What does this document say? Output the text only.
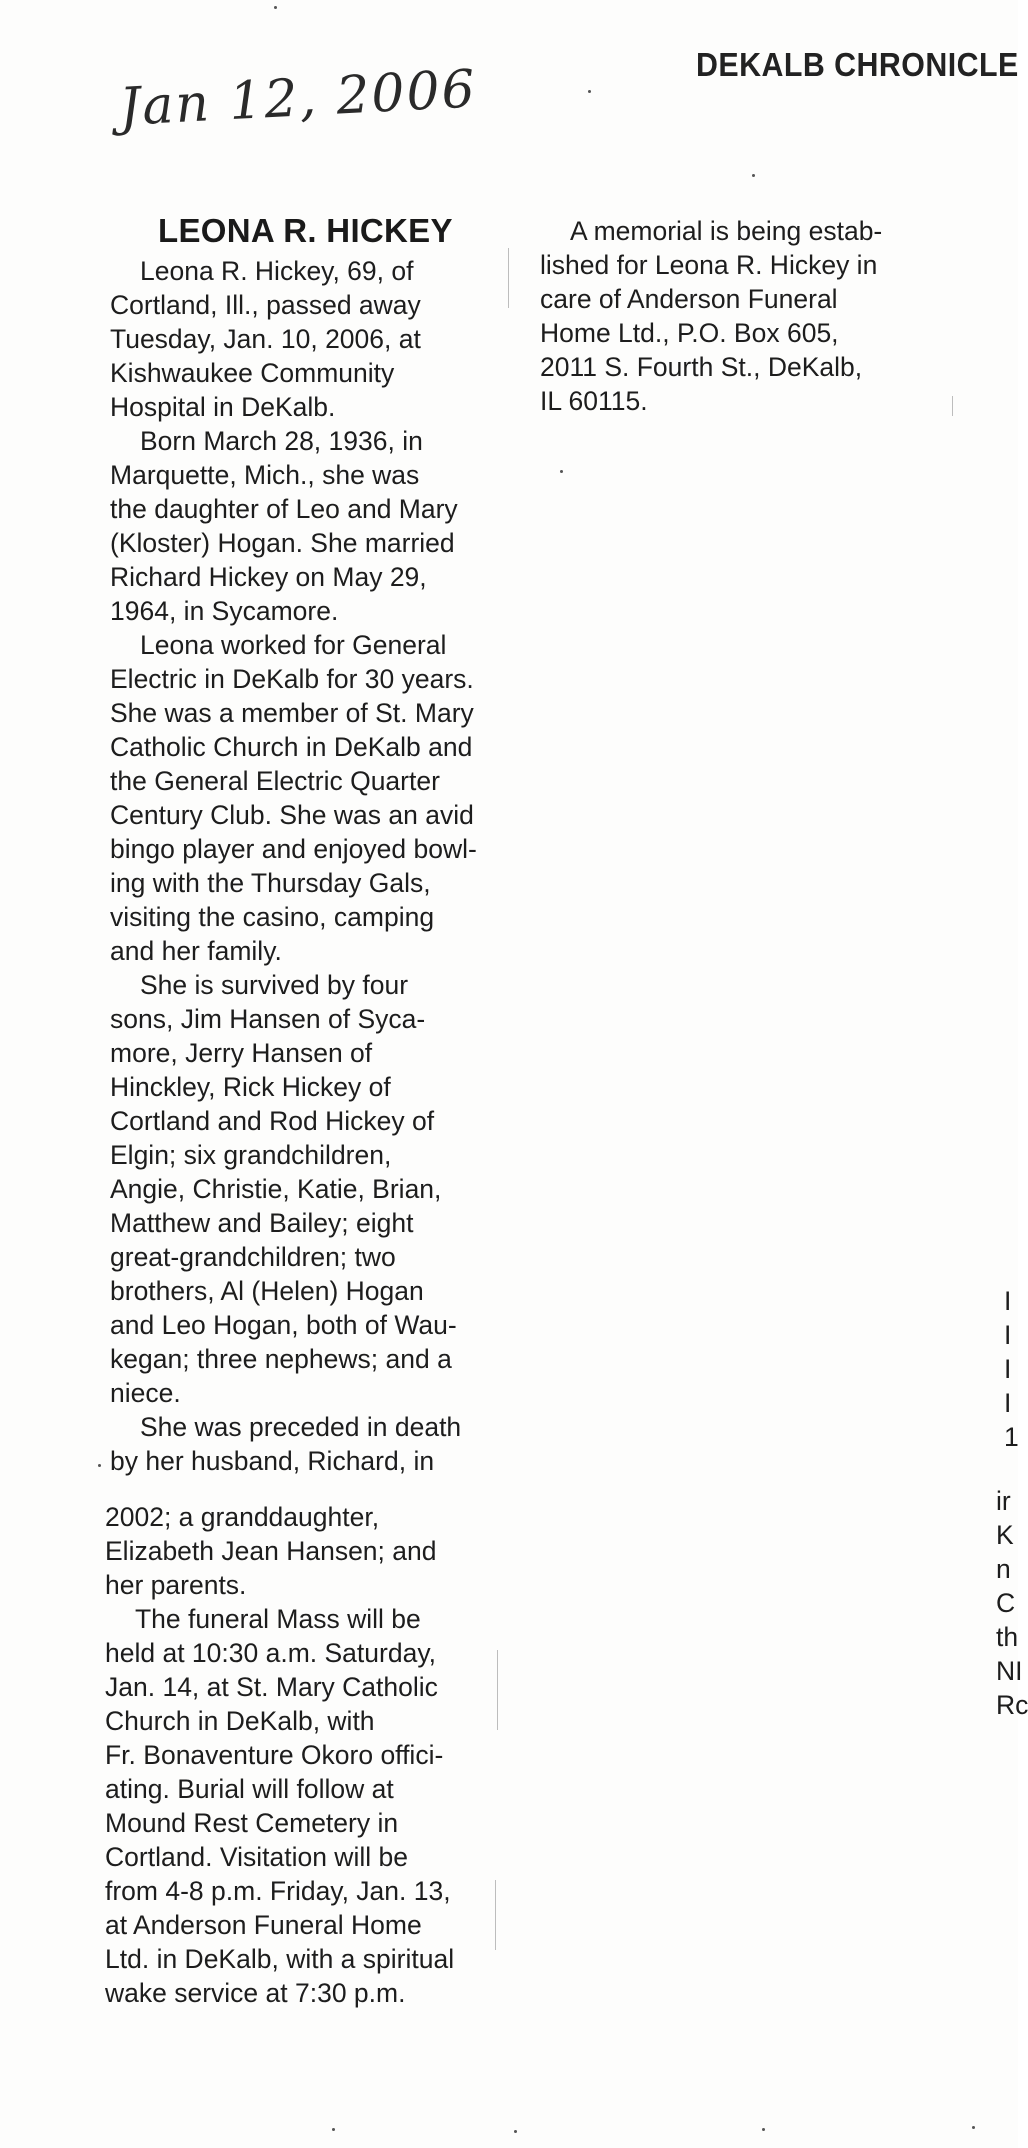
DEKALB CHRONICLE
Jan 12, 2006
LEONA R. HICKEY

Leona R. Hickey, 69, of

Cortland, Ill., passed away

Tuesday, Jan. 10, 2006, at

Kishwaukee Community

Hospital in DeKalb.

Born March 28, 1936, in

Marquette, Mich., she was

the daughter of Leo and Mary

(Kloster) Hogan. She married

Richard Hickey on May 29,

1964, in Sycamore.

Leona worked for General

Electric in DeKalb for 30 years.

She was a member of St. Mary

Catholic Church in DeKalb and

the General Electric Quarter

Century Club. She was an avid

bingo player and enjoyed bowl-

ing with the Thursday Gals,

visiting the casino, camping

and her family.

She is survived by four

sons, Jim Hansen of Syca-

more, Jerry Hansen of

Hinckley, Rick Hickey of

Cortland and Rod Hickey of

Elgin; six grandchildren,

Angie, Christie, Katie, Brian,

Matthew and Bailey; eight

great-grandchildren; two

brothers, Al (Helen) Hogan

and Leo Hogan, both of Wau-

kegan; three nephews; and a

niece.

She was preceded in death

by her husband, Richard, in

2002; a granddaughter,

Elizabeth Jean Hansen; and

her parents.

The funeral Mass will be

held at 10:30 a.m. Saturday,

Jan. 14, at St. Mary Catholic

Church in DeKalb, with

Fr. Bonaventure Okoro offici-

ating. Burial will follow at

Mound Rest Cemetery in

Cortland. Visitation will be

from 4-8 p.m. Friday, Jan. 13,

at Anderson Funeral Home

Ltd. in DeKalb, with a spiritual

wake service at 7:30 p.m.

A memorial is being estab-

lished for Leona R. Hickey in

care of Anderson Funeral

Home Ltd., P.O. Box 605,

2011 S. Fourth St., DeKalb,

IL 60115.

I
I
I
I
1
ir
K
n
C
th
NI
Rc
